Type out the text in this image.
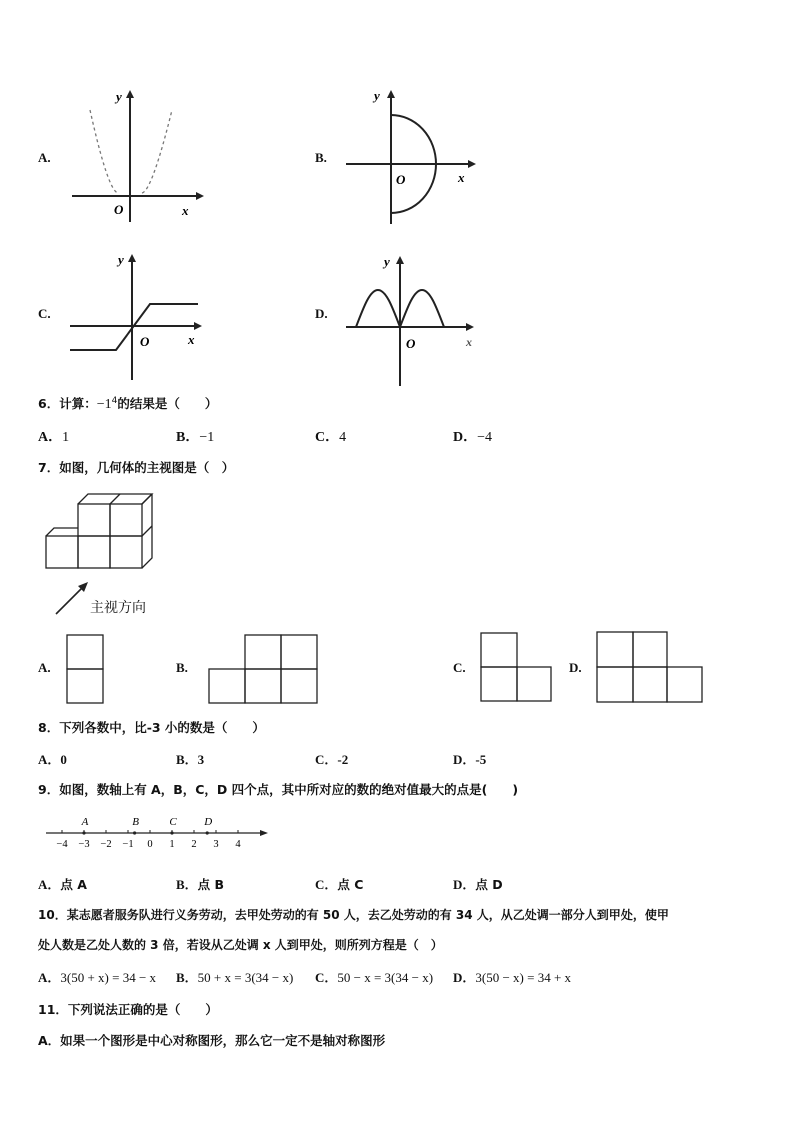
A.
x
y
O
B.
x
y
O
C.
x
y
O
D.
x
y
O
6．计算：$-1^4$的结果是（　　）
A．1	B．−1	C．4	D．−4
7．如图，几何体的主视图是（　）
主视方向
A.	B.	C.	D.
8．下列各数中，比-3 小的数是（　　）
A．0	B．3	C．-2	D．-5
9．如图，数轴上有 A，B，C，D 四个点，其中所对应的数的绝对值最大的点是(　　)
−4 −3 −2 −1 0 1 2 3 4
A	B	C	D
A．点 A	B．点 B	C．点 C	D．点 D
10．某志愿者服务队进行义务劳动，去甲处劳动的有 50 人，去乙处劳动的有 34 人，从乙处调一部分人到甲处，使甲
处人数是乙处人数的 3 倍，若设从乙处调 x 人到甲处，则所列方程是（　）
A．3(50 + x) = 34 − x B．50 + x = 3(34 − x) C．50 − x = 3(34 − x) D．3(50 − x) = 34 + x
11．下列说法正确的是（　　）
A．如果一个图形是中心对称图形，那么它一定不是轴对称图形
